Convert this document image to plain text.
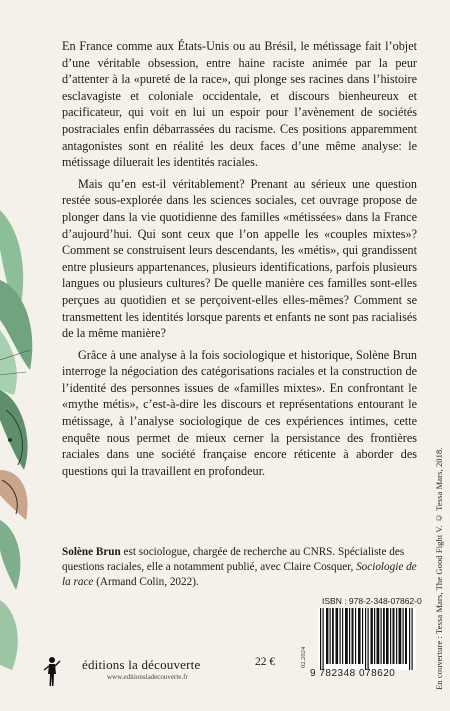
En France comme aux États-Unis ou au Brésil, le métissage fait l’objet d’une véritable obsession, entre haine raciste animée par la peur d’attenter à la «pureté de la race», qui plonge ses racines dans l’histoire esclavagiste et coloniale occidentale, et discours bienheureux et pacificateur, qui voit en lui un espoir pour l’avènement de sociétés postraciales enfin débarrassées du racisme. Ces positions apparemment antagonistes sont en réalité les deux faces d’une même analyse: le métissage diluerait les identités raciales.

Mais qu’en est-il véritablement? Prenant au sérieux une question restée sous-explorée dans les sciences sociales, cet ouvrage propose de plonger dans la vie quotidienne des familles «métissées» dans la France d’aujourd’hui. Qui sont ceux que l’on appelle les «couples mixtes»? Comment se construisent leurs descendants, les «métis», qui grandissent entre plusieurs appartenances, plusieurs identifications, parfois plusieurs langues ou plusieurs cultures? De quelle manière ces familles sont-elles perçues au quotidien et se perçoivent-elles elles-mêmes? Comment se transmettent les identités lorsque parents et enfants ne sont pas racialisés de la même manière?

Grâce à une analyse à la fois sociologique et historique, Solène Brun interroge la négociation des catégorisations raciales et la construction de l’identité des personnes issues de «familles mixtes». En confrontant le «mythe métis», c’est-à-dire les discours et représentations entourant le métissage, à l’analyse sociologique de ces expériences intimes, cette enquête nous permet de mieux cerner la persistance des frontières raciales dans une société française encore réticente à aborder des questions qui la travaillent en profondeur.

Solène Brun est sociologue, chargée de recherche au CNRS. Spécialiste des questions raciales, elle a notamment publié, avec Claire Cosquer, Sociologie de la race (Armand Colin, 2022).	En couverture : Tessa Mars, The Good Fight V. © Tessa Mars, 2018.
ISBN : 978-2-348-07862-0
02.2024
9 782348 078620
22 €
éditions la découverte
www.editionsladecouverte.fr
